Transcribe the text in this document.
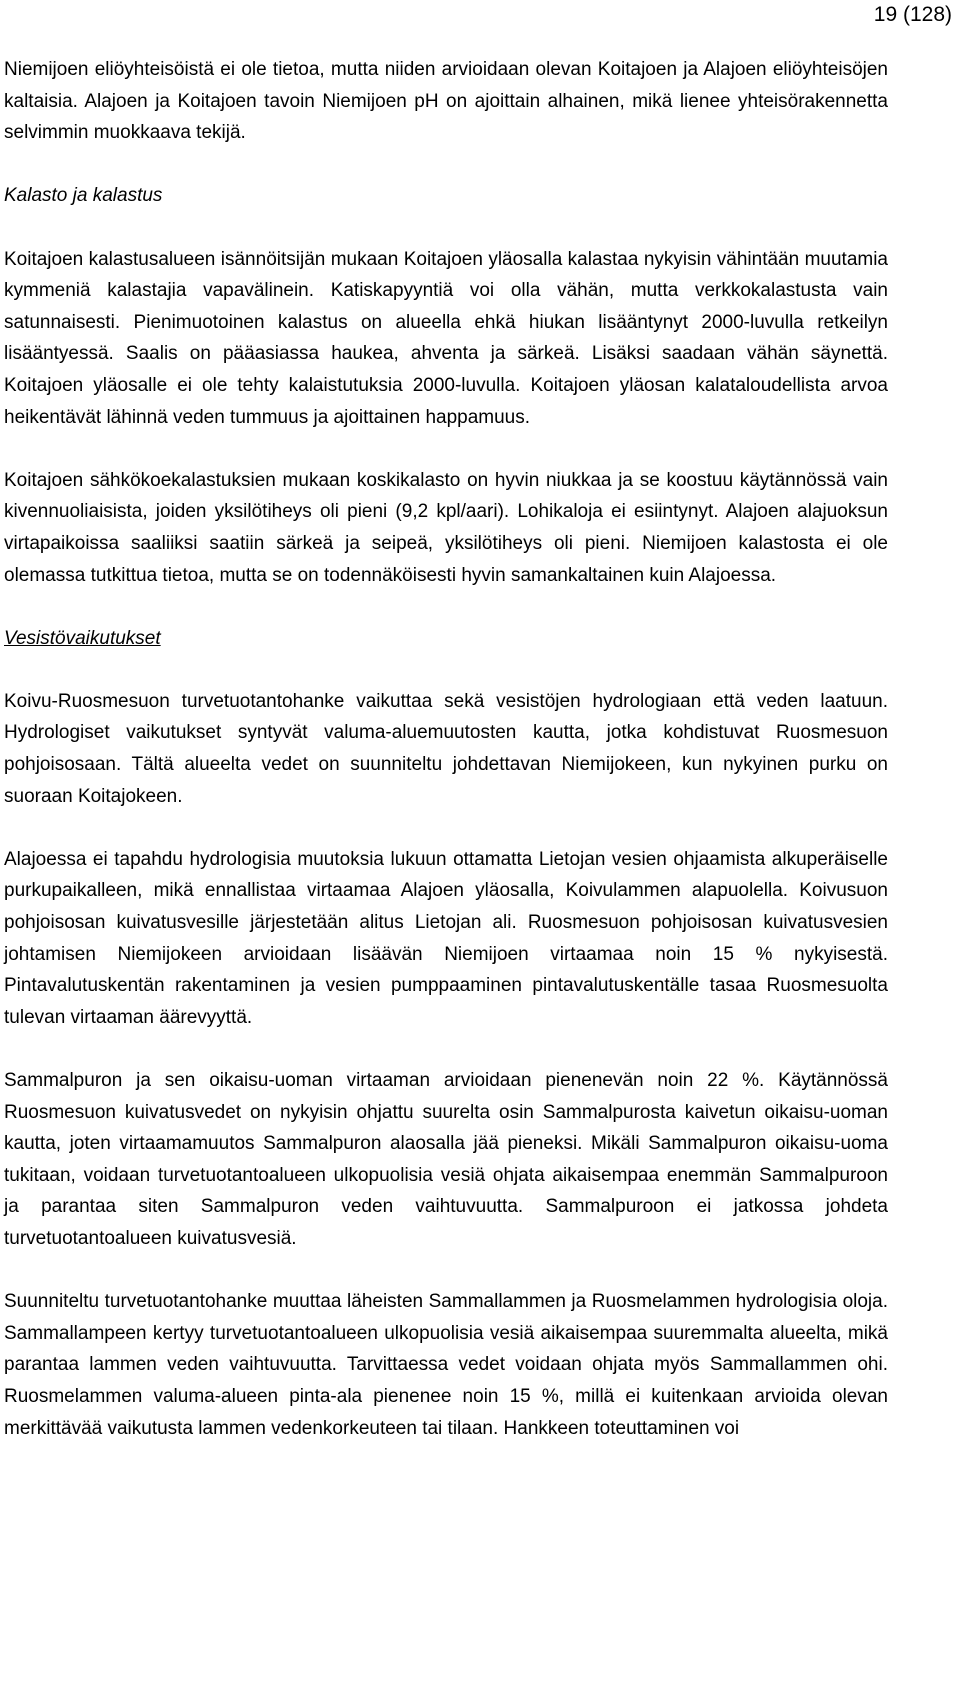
19 (128)

Niemijoen eliöyhteisöistä ei ole tietoa, mutta niiden arvioidaan olevan Koitajoen ja Alajoen eliöyhteisöjen kaltaisia. Alajoen ja Koitajoen tavoin Niemijoen pH on ajoittain alhainen, mikä lienee yhteisörakennetta selvimmin muokkaava tekijä.

Kalasto ja kalastus

Koitajoen kalastusalueen isännöitsijän mukaan Koitajoen yläosalla kalastaa nykyisin vähintään muutamia kymmeniä kalastajia vapavälinein. Katiskapyyntiä voi olla vähän, mutta verkkokalastusta vain satunnaisesti. Pienimuotoinen kalastus on alueella ehkä hiukan lisääntynyt 2000-luvulla retkeilyn lisääntyessä. Saalis on pääasiassa haukea, ahventa ja särkeä. Lisäksi saadaan vähän säynettä. Koitajoen yläosalle ei ole tehty kalaistutuksia 2000-luvulla. Koitajoen yläosan kalataloudellista arvoa heikentävät lähinnä veden tummuus ja ajoittainen happamuus.

Koitajoen sähkökoekalastuksien mukaan koskikalasto on hyvin niukkaa ja se koostuu käytännössä vain kivennuoliaisista, joiden yksilötiheys oli pieni (9,2 kpl/aari). Lohikaloja ei esiintynyt. Alajoen alajuoksun virtapaikoissa saaliiksi saatiin särkeä ja seipeä, yksilötiheys oli pieni. Niemijoen kalastosta ei ole olemassa tutkittua tietoa, mutta se on todennäköisesti hyvin samankaltainen kuin Alajoessa.

Vesistövaikutukset

Koivu-Ruosmesuon turvetuotantohanke vaikuttaa sekä vesistöjen hydrologiaan että veden laatuun. Hydrologiset vaikutukset syntyvät valuma-aluemuutosten kautta, jotka kohdistuvat Ruosmesuon pohjoisosaan. Tältä alueelta vedet on suunniteltu johdettavan Niemijokeen, kun nykyinen purku on suoraan Koitajokeen.

Alajoessa ei tapahdu hydrologisia muutoksia lukuun ottamatta Lietojan vesien ohjaamista alkuperäiselle purkupaikalleen, mikä ennallistaa virtaamaa Alajoen yläosalla, Koivulammen alapuolella. Koivusuon pohjoisosan kuivatusvesille järjestetään alitus Lietojan ali. Ruosmesuon pohjoisosan kuivatusvesien johtamisen Niemijokeen arvioidaan lisäävän Niemijoen virtaamaa noin 15 % nykyisestä. Pintavalutuskentän rakentaminen ja vesien pumppaaminen pintavalutuskentälle tasaa Ruosmesuolta tulevan virtaaman äärevyyttä.

Sammalpuron ja sen oikaisu-uoman virtaaman arvioidaan pienenevän noin 22 %. Käytännössä Ruosmesuon kuivatusvedet on nykyisin ohjattu suurelta osin Sammalpurosta kaivetun oikaisu-uoman kautta, joten virtaamamuutos Sammalpuron alaosalla jää pieneksi. Mikäli Sammalpuron oikaisu-uoma tukitaan, voidaan turvetuotantoalueen ulkopuolisia vesiä ohjata aikaisempaa enemmän Sammalpuroon ja parantaa siten Sammalpuron veden vaihtuvuutta. Sammalpuroon ei jatkossa johdeta turvetuotantoalueen kuivatusvesiä.

Suunniteltu turvetuotantohanke muuttaa läheisten Sammallammen ja Ruosmelammen hydrologisia oloja. Sammallampeen kertyy turvetuotantoalueen ulkopuolisia vesiä aikaisempaa suuremmalta alueelta, mikä parantaa lammen veden vaihtuvuutta. Tarvittaessa vedet voidaan ohjata myös Sammallammen ohi. Ruosmelammen valuma-alueen pinta-ala pienenee noin 15 %, millä ei kuitenkaan arvioida olevan merkittävää vaikutusta lammen vedenkorkeuteen tai tilaan. Hankkeen toteuttaminen voi
